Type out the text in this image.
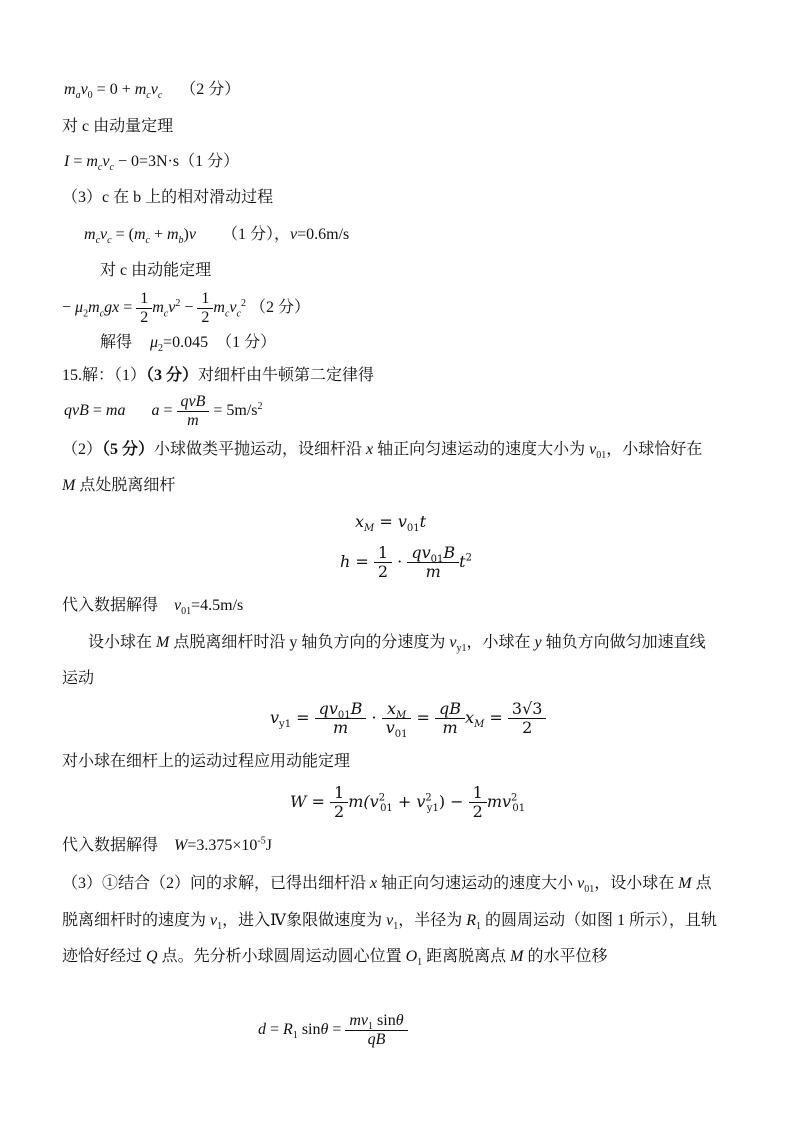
$m_av_0 = 0 + m_cv_c$ （2 分）
对 c 由动量定理
$I = m_cv_c - 0=3N\cdot s(1$ 分）
（3）c 在 b 上的相对滑动过程
$m_cv_c = (m_c + m_b)v$ （1 分），v=0.6m/s
对 c 由动能定理
− $\mu_2m_cgx = \frac{1}{2} m_cv^2 - \frac{1}{2} m_cv_c^2$ （2 分）
解得 $\mu_2=0.045$ （1 分）
15.解：（1）（3 分）对细杆由牛顿第二定律得
qvB = ma $a = \frac{\text{qvB}}{m} = 5m/s^2$
（2）（5 分）小球做类平抛运动，设细杆沿 x 轴正向匀速运动的速度大小为 $v_{01}$，小球恰好在
M 点处脱离细杆
$x_M = v_{01}t$
$h = \frac{1}{2} \cdot \frac{qv_{01}B}{m} t^2$
代入数据解得 $v_{01}=4.5m/s$
设小球在 M 点脱离细杆时沿 y 轴负方向的分速度为 $v_{y1}$，小球在 y 轴负方向做匀加速直线
运动
$v_{y1} = \frac{qv_{01}B}{m} \cdot \frac{x_M}{v_{01}} = \frac{qB}{m} x_M = \frac{3√3}{2}$
对小球在细杆上的运动过程应用动能定理
$W = \frac{1}{2} m(v^2_{01} + v^2_{y1}) - \frac{1}{2} mv^2_{01}$
代入数据解得 $W=3.375\times 10^{-5}J$
（3）①结合（2）问的求解，已得出细杆沿 x 轴正向匀速运动的速度大小 $v_{01}$，设小球在 M 点
脱离细杆时的速度为 $v_1$，进入Ⅳ象限做速度为 $v_1$，半径为 $R_1$ 的圆周运动（如图 1 所示），且轨
迹恰好经过 Q 点。先分析小球圆周运动圆心位置 $O_1$ 距离脱离点 M 的水平位移
$d = R_1$ $\sin\theta = \frac{mv_1 \sin\theta}{qB}$
